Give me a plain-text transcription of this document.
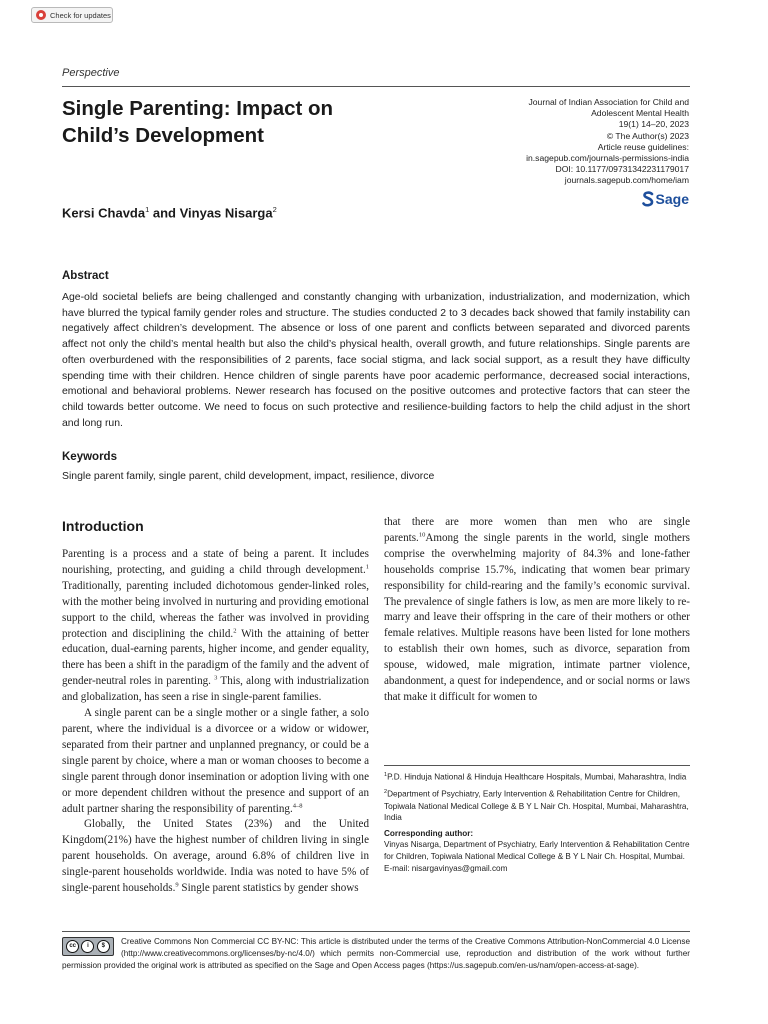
Check for updates
Perspective
Single Parenting: Impact on Child’s Development
Journal of Indian Association for Child and
Adolescent Mental Health
19(1) 14–20, 2023
© The Author(s) 2023
Article reuse guidelines:
in.sagepub.com/journals-permissions-india
DOI: 10.1177/09731342231179017
journals.sagepub.com/home/iam
Sage
Kersi Chavda$^1$ and Vinyas Nisarga$^2$
Abstract

Age-old societal beliefs are being challenged and constantly changing with urbanization, industrialization, and modernization, which have blurred the typical family gender roles and structure. The studies conducted 2 to 3 decades back showed that family instability can negatively affect children’s development. The absence or loss of one parent and conflicts between separated and divorced parents affect not only the child’s mental health but also the child’s physical health, overall growth, and future relationships. Single parents are often overburdened with the responsibilities of 2 parents, face social stigma, and lack social support, as a result they have difficulty spending time with their children. Hence children of single parents have poor academic performance, decreased social interactions, emotional and behavioral problems. Newer research has focused on the positive outcomes and protective factors that can steer the child towards better outcome. We need to focus on such protective and resilience-building factors to help the child adjust in the short and long run.

Keywords

Single parent family, single parent, child development, impact, resilience, divorce

Introduction

Parenting is a process and a state of being a parent. It includes nourishing, protecting, and guiding a child through development.$^1$ Traditionally, parenting included dichotomous gender-linked roles, with the mother being involved in nurturing and providing emotional support to the child, whereas the father was involved in providing protection and disciplining the child.$^2$ With the attaining of better education, dual-earning parents, higher income, and gender equality, there has been a shift in the paradigm of the family and the advent of gender-neutral roles in parenting. $^3$ This, along with industrialization and globalization, has seen a rise in single-parent families.

A single parent can be a single mother or a single father, a solo parent, where the individual is a divorcee or a widow or widower, separated from their partner and unplanned pregnancy, or could be a single parent by choice, where a man or woman chooses to become a single parent through donor insemination or adoption living with one or more dependent children without the presence and support of an adult partner sharing the responsibility of parenting.$^{4-8}$

Globally, the United States (23%) and the United Kingdom(21%) have the highest number of children living in single parent households. On average, around 6.8% of children live in single-parent households worldwide. India was noted to have 5% of single-parent households.$^9$ Single parent statistics by gender shows

$^1$P.D. Hinduja National & Hinduja Healthcare Hospitals, Mumbai, Maharashtra, India
$^2$Department of Psychiatry, Early Intervention & Rehabilitation Centre for Children, Topiwala National Medical College & B Y L Nair Ch. Hospital, Mumbai, Maharashtra, India
Corresponding author:
Vinyas Nisarga, Department of Psychiatry, Early Intervention & Rehabilitation Centre for Children, Topiwala National Medical College & B Y L Nair Ch. Hospital, Mumbai.
E-mail: nisargavinyas@gmail.com
cc	i	$	Creative Commons Non Commercial CC BY-NC: This article is distributed under the terms of the Creative Commons Attribution-NonCommercial 4.0 License (http://www.creativecommons.org/licenses/by-nc/4.0/) which permits non-Commercial use, reproduction and distribution of the work without further permission provided the original work is attributed as specified on the Sage and Open Access pages (https://us.sagepub.com/en-us/nam/open-access-at-sage).

that there are more women than men who are single parents.$^{10}$Among the single parents in the world, single mothers comprise the overwhelming majority of 84.3% and lone-father households comprise 15.7%, indicating that women bear primary responsibility for child-rearing and the family’s economic survival. The prevalence of single fathers is low, as men are more likely to re-marry and leave their offspring in the care of their mothers or other female relatives. Multiple reasons have been listed for lone mothers to establish their own homes, such as divorce, separation from spouse, widowed, male migration, intimate partner violence, abandonment, a quest for independence, and or social norms or laws that make it difficult for women to
